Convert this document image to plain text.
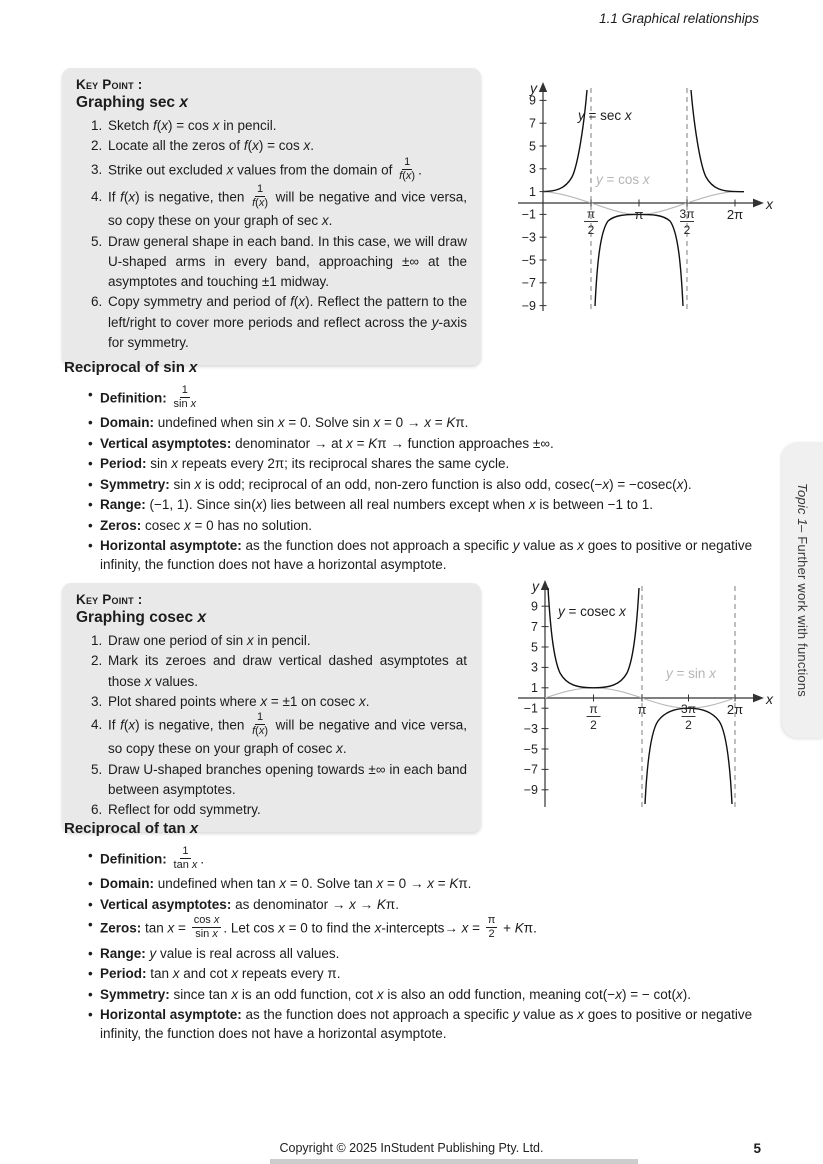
1.1 Graphical relationships
Key Point :
Graphing sec x
1. Sketch f(x) = cos x in pencil.
2. Locate all the zeros of f(x) = cos x.
3. Strike out excluded x values from the domain of $\frac{1}{f(x)}$ .
4. If f(x) is negative, then $\frac{1}{f(x)}$ will be negative and vice versa, so copy these on your graph of sec x.
5. Draw general shape in each band. In this case, we will draw U-shaped arms in every band, approaching ±∞ at the asymptotes and touching ±1 midway.
6. Copy symmetry and period of f(x). Reflect the pattern to the left/right to cover more periods and reflect across the y-axis for symmetry.
9
7
5
3
1
−1
−3
−5
−7
−9
π
2
π	3π
2
2π
y = sec x
y = cos x
y
x
Reciprocal of sin x
• Definition: $\frac{1}{\text{sin x}}$
• Domain: undefined when sin x = 0. Solve sin x = 0 → x = Kπ.
• Vertical asymptotes: denominator → at x = Kπ → function approaches ±∞.
• Period: sin x repeats every 2π; its reciprocal shares the same cycle.
• Symmetry: sin x is odd; reciprocal of an odd, non-zero function is also odd, cosec(−x) = −cosec(x).
• Range: (−1, 1). Since sin(x) lies between all real numbers except when x is between −1 to 1.
• Zeros: cosec x = 0 has no solution.
• Horizontal asymptote: as the function does not approach a specific y value as x goes to positive or negative infinity, the function does not have a horizontal asymptote.
Key Point :
Graphing cosec x
1. Draw one period of sin x in pencil.
2. Mark its zeroes and draw vertical dashed asymptotes at those x values.
3. Plot shared points where x = ±1 on cosec x.
4. If f(x) is negative, then $\frac{1}{f(x)}$ will be negative and vice versa, so copy these on your graph of cosec x.
5. Draw U-shaped branches opening towards ±∞ in each band between asymptotes.
6. Reflect for odd symmetry.
9
7
5
3
1
−1
−3
−5
−7
−9
π
2
π	3π
2
2π
y = cosec x
y = sin x
y
x
Reciprocal of tan x
• Definition: $\frac{1}{\text{tan x}}$ .
• Domain: undefined when tan x = 0. Solve tan x = 0 → x = Kπ.
• Vertical asymptotes: as denominator → x → Kπ.
• Zeros: $\tan x = \frac{\text{cos x}}{\text{sin x}}$ . Let cos x = 0 to find the x-intercepts→ $x = \frac{\pi}{2} + K\pi$.
• Range: y value is real across all values.
• Period: tan x and cot x repeats every π.
• Symmetry: since tan x is an odd function, cot x is also an odd function, meaning cot(−x) = − cot(x).
• Horizontal asymptote: as the function does not approach a specific y value as x goes to positive or negative infinity, the function does not have a horizontal asymptote.
Topic 1
– Further work with functions
Copyright © 2025 InStudent Publishing Pty. Ltd.	5
